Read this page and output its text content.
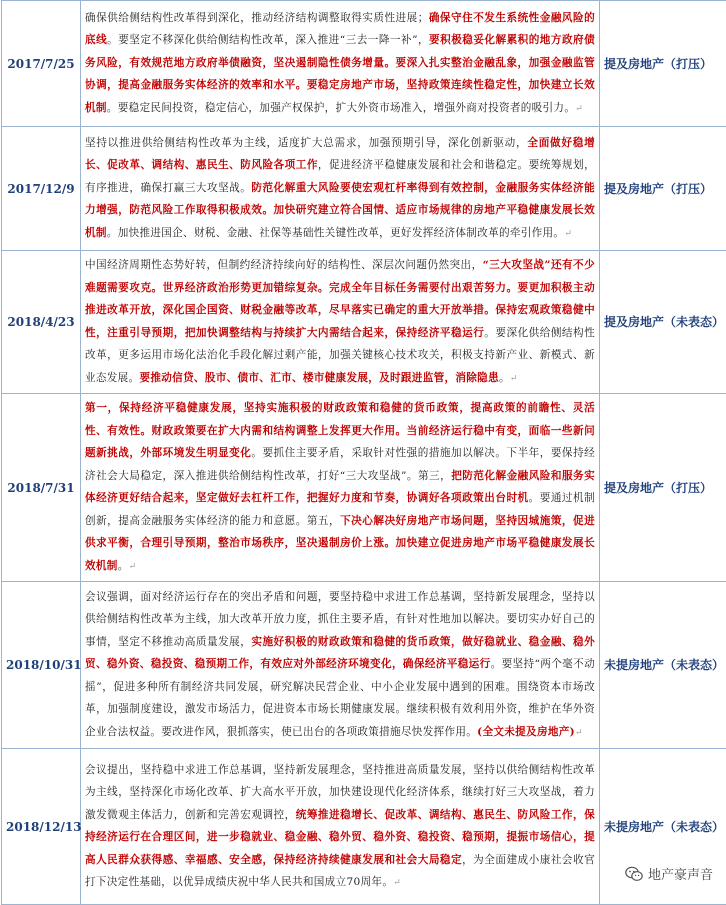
2017/7/25	确保供给侧结构性改革得到深化，推动经济结构调整取得实质性进展；确保守住不发生系统性金融风险的底线。要坚定不移深化供给侧结构性改革，深入推进“三去一降一补”，要积极稳妥化解累积的地方政府债务风险，有效规范地方政府举债融资，坚决遏制隐性债务增量。要深入扎实整治金融乱象，加强金融监管协调，提高金融服务实体经济的效率和水平。要稳定房地产市场，坚持政策连续性稳定性，加快建立长效机制。要稳定民间投资，稳定信心，加强产权保护，扩大外资市场准入，增强外商对投资者的吸引力。↵	提及房地产（打压）
2017/12/9	坚持以推进供给侧结构性改革为主线，适度扩大总需求，加强预期引导，深化创新驱动，全面做好稳增长、促改革、调结构、惠民生、防风险各项工作，促进经济平稳健康发展和社会和谐稳定。要统筹规划，有序推进，确保打赢三大攻坚战。防范化解重大风险要使宏观杠杆率得到有效控制，金融服务实体经济能力增强，防范风险工作取得积极成效。加快研究建立符合国情、适应市场规律的房地产平稳健康发展长效机制。加快推进国企、财税、金融、社保等基础性关键性改革，更好发挥经济体制改革的牵引作用。↵	提及房地产（打压）
2018/4/23	中国经济周期性态势好转，但制约经济持续向好的结构性、深层次问题仍然突出，“三大攻坚战”还有不少难题需要攻克。世界经济政治形势更加错综复杂。完成全年目标任务需要付出艰苦努力。要更加积极主动推进改革开放，深化国企国资、财税金融等改革，尽早落实已确定的重大开放举措。保持宏观政策稳健中性，注重引导预期，把加快调整结构与持续扩大内需结合起来，保持经济平稳运行。要深化供给侧结构性改革，更多运用市场化法治化手段化解过剩产能，加强关键核心技术攻关，积极支持新产业、新模式、新业态发展。要推动信贷、股市、债市、汇市、楼市健康发展，及时跟进监管，消除隐患。↵	提及房地产（未表态）
2018/7/31	第一，保持经济平稳健康发展，坚持实施积极的财政政策和稳健的货币政策，提高政策的前瞻性、灵活性、有效性。财政政策要在扩大内需和结构调整上发挥更大作用。当前经济运行稳中有变，面临一些新问题新挑战，外部环境发生明显变化。要抓住主要矛盾，采取针对性强的措施加以解决。下半年，要保持经济社会大局稳定，深入推进供给侧结构性改革，打好“三大攻坚战”。第三，把防范化解金融风险和服务实体经济更好结合起来，坚定做好去杠杆工作，把握好力度和节奏，协调好各项政策出台时机。要通过机制创新，提高金融服务实体经济的能力和意愿。第五，下决心解决好房地产市场问题，坚持因城施策，促进供求平衡，合理引导预期，整治市场秩序，坚决遏制房价上涨。加快建立促进房地产市场平稳健康发展长效机制。↵	提及房地产（打压）
2018/10/31	会议强调，面对经济运行存在的突出矛盾和问题，要坚持稳中求进工作总基调，坚持新发展理念，坚持以供给侧结构性改革为主线，加大改革开放力度，抓住主要矛盾，有针对性地加以解决。要切实办好自己的事情，坚定不移推动高质量发展，实施好积极的财政政策和稳健的货币政策，做好稳就业、稳金融、稳外贸、稳外资、稳投资、稳预期工作，有效应对外部经济环境变化，确保经济平稳运行。要坚持“两个毫不动摇”，促进多种所有制经济共同发展，研究解决民营企业、中小企业发展中遇到的困难。围绕资本市场改革，加强制度建设，激发市场活力，促进资本市场长期健康发展。继续积极有效利用外资，维护在华外资企业合法权益。要改进作风，狠抓落实，使已出台的各项政策措施尽快发挥作用。(全文未提及房地产)↵	未提房地产（未表态）
2018/12/13	会议提出，坚持稳中求进工作总基调，坚持新发展理念，坚持推进高质量发展，坚持以供给侧结构性改革为主线，坚持深化市场化改革、扩大高水平开放，加快建设现代化经济体系，继续打好三大攻坚战，着力激发微观主体活力，创新和完善宏观调控，统筹推进稳增长、促改革、调结构、惠民生、防风险工作，保持经济运行在合理区间，进一步稳就业、稳金融、稳外贸、稳外资、稳投资、稳预期，提振市场信心，提高人民群众获得感、幸福感、安全感，保持经济持续健康发展和社会大局稳定，为全面建成小康社会收官打下决定性基础，以优异成绩庆祝中华人民共和国成立70周年。↵	未提房地产（未表态）
地产豪声音
